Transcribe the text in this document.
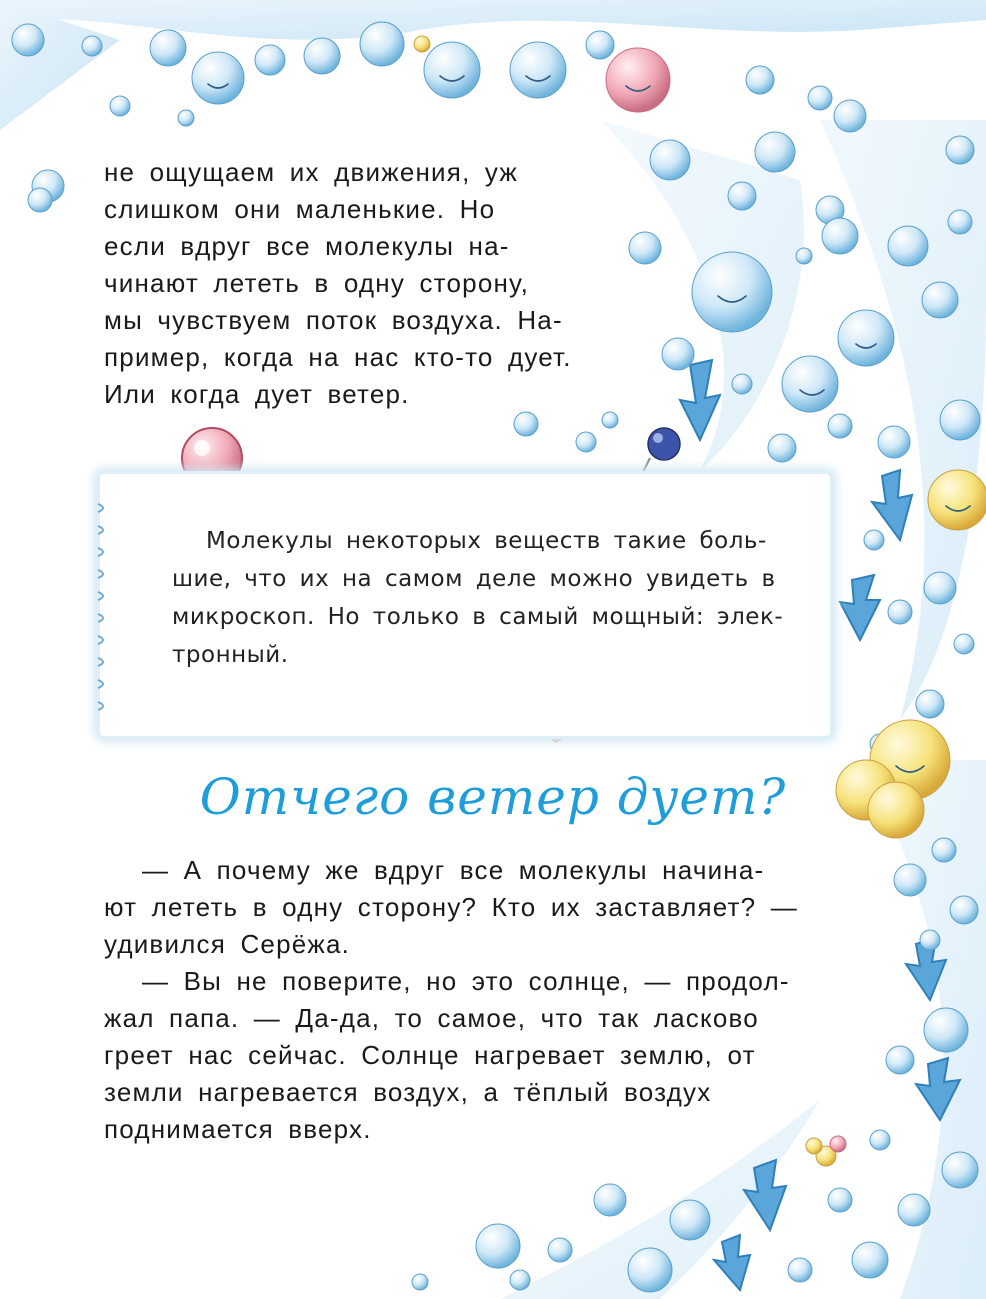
не ощущаем их движения, уж
слишком они маленькие. Но
если вдруг все молекулы на-
чинают лететь в одну сторону,
мы чувствуем поток воздуха. На-
пример, когда на нас кто-то дует.
Или когда дует ветер.

Молекулы некоторых веществ такие боль-
шие, что их на самом деле можно увидеть в
микроскоп. Но только в самый мощный: элек-
тронный.

Отчего ветер дует?

— А почему же вдруг все молекулы начина-
ют лететь в одну сторону? Кто их заставляет? —
удивился Серёжа.
— Вы не поверите, но это солнце, — продол-
жал папа. — Да-да, то самое, что так ласково
греет нас сейчас. Солнце нагревает землю, от
земли нагревается воздух, а тёплый воздух
поднимается вверх.
